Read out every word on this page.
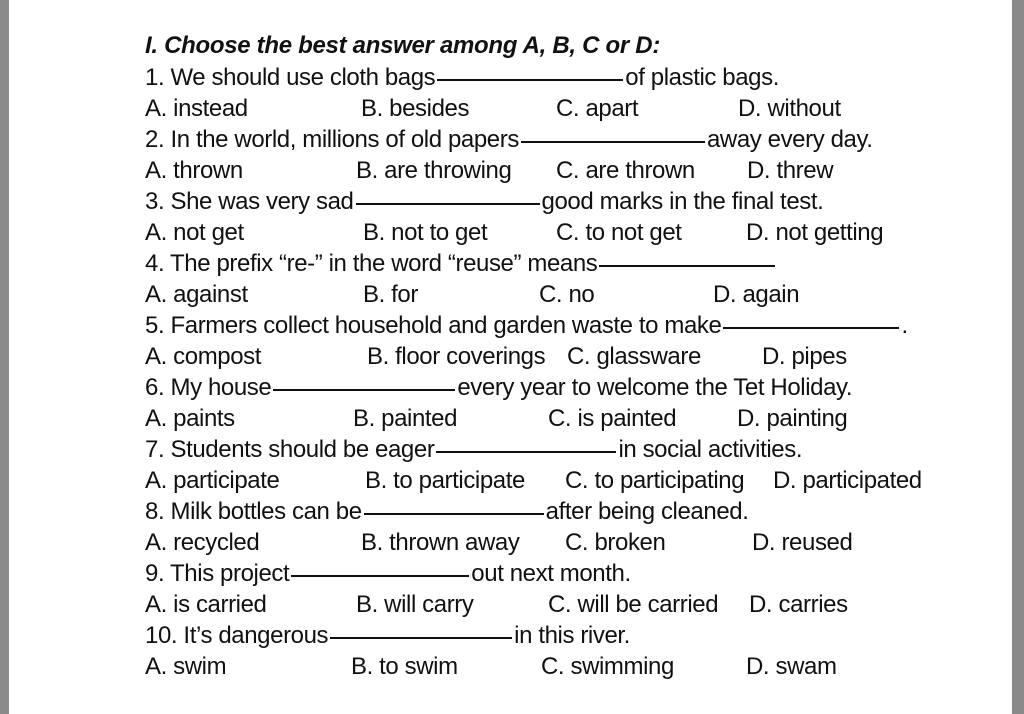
I. Choose the best answer among A, B, C or D:
1. We should use cloth bags	of plastic bags.
A. instead	B. besides	C. apart	D. without
2. In the world, millions of old papers	away every day.
A. thrown	B. are throwing C. are thrown D. threw
3. She was very sad	good marks in the final test.
A. not get	B. not to get	C. to not get	D. not getting
4. The prefix “re-” in the word “reuse” means
A. against	B. for	C. no	D. again
5. Farmers collect household and garden waste to make	.
A. compost	B. floor coverings C. glassware	D. pipes
6. My house	every year to welcome the Tet Holiday.
A. paints	B. painted	C. is painted	D. painting
7. Students should be eager	in social activities.
A. participate	B. to participate C. to participating D. participated
8. Milk bottles can be	after being cleaned.
A. recycled	B. thrown away C. broken	D. reused
9. This project	out next month.
A. is carried	B. will carry	C. will be carried D. carries
10. It’s dangerous	in this river.
A. swim	B. to swim	C. swimming	D. swam
